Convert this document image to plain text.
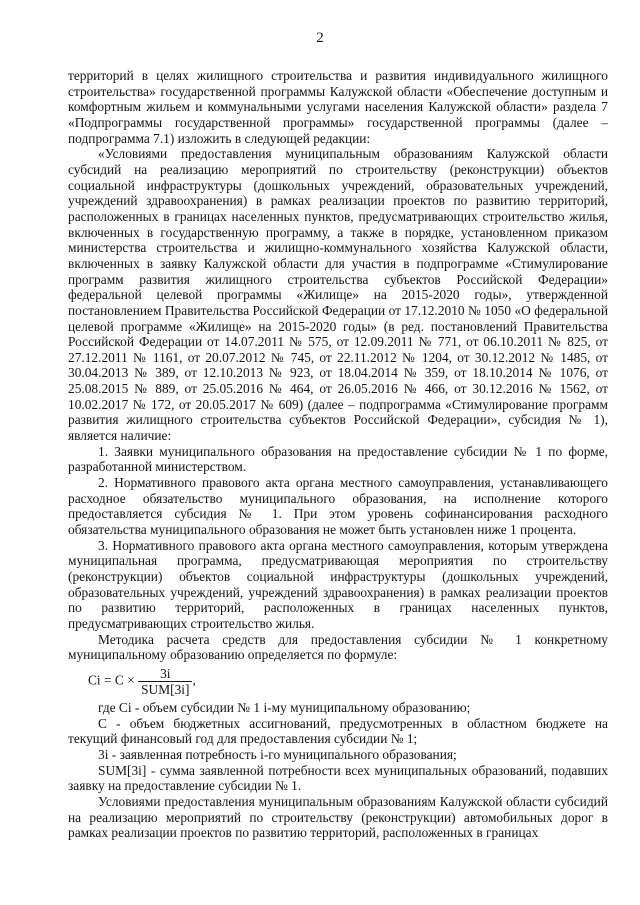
2

территорий в целях жилищного строительства и развития индивидуального жилищного строительства» государственной программы Калужской области «Обеспечение доступным и комфортным жильем и коммунальными услугами населения Калужской области» раздела 7 «Подпрограммы государственной программы» государственной программы (далее – подпрограмма 7.1) изложить в следующей редакции:

«Условиями предоставления муниципальным образованиям Калужской области субсидий на реализацию мероприятий по строительству (реконструкции) объектов социальной инфраструктуры (дошкольных учреждений, образовательных учреждений, учреждений здравоохранения) в рамках реализации проектов по развитию территорий, расположенных в границах населенных пунктов, предусматривающих строительство жилья, включенных в государственную программу, а также в порядке, установленном приказом министерства строительства и жилищно-коммунального хозяйства Калужской области, включенных в заявку Калужской области для участия в подпрограмме «Стимулирование программ развития жилищного строительства субъектов Российской Федерации» федеральной целевой программы «Жилище» на 2015-2020 годы», утвержденной постановлением Правительства Российской Федерации от 17.12.2010 № 1050 «О федеральной целевой программе «Жилище» на 2015-2020 годы» (в ред. постановлений Правительства Российской Федерации от 14.07.2011 № 575, от 12.09.2011 № 771, от 06.10.2011 № 825, от 27.12.2011 № 1161, от 20.07.2012 № 745, от 22.11.2012 № 1204, от 30.12.2012 № 1485, от 30.04.2013 № 389, от 12.10.2013 № 923, от 18.04.2014 № 359, от 18.10.2014 № 1076, от 25.08.2015 № 889, от 25.05.2016 № 464, от 26.05.2016 № 466, от 30.12.2016 № 1562, от 10.02.2017 № 172, от 20.05.2017 № 609) (далее – подпрограмма «Стимулирование программ развития жилищного строительства субъектов Российской Федерации», субсидия № 1), является наличие:

1. Заявки муниципального образования на предоставление субсидии № 1 по форме, разработанной министерством.

2. Нормативного правового акта органа местного самоуправления, устанавливающего расходное обязательство муниципального образования, на исполнение которого предоставляется субсидия № 1. При этом уровень софинансирования расходного обязательства муниципального образования не может быть установлен ниже 1 процента.

3. Нормативного правового акта органа местного самоуправления, которым утверждена муниципальная программа, предусматривающая мероприятия по строительству (реконструкции) объектов социальной инфраструктуры (дошкольных учреждений, образовательных учреждений, учреждений здравоохранения) в рамках реализации проектов по развитию территорий, расположенных в границах населенных пунктов, предусматривающих строительство жилья.

Методика расчета средств для предоставления субсидии № 1 конкретному муниципальному образованию определяется по формуле:

$Ci = C \times \frac{3i}{\text{SUM[3i]}}$ ,

где Ci - объем субсидии № 1 i-му муниципальному образованию;

С - объем бюджетных ассигнований, предусмотренных в областном бюджете на текущий финансовый год для предоставления субсидии № 1;

3i - заявленная потребность i-го муниципального образования;

SUM[3i] - сумма заявленной потребности всех муниципальных образований, подавших заявку на предоставление субсидии № 1.

Условиями предоставления муниципальным образованиям Калужской области субсидий на реализацию мероприятий по строительству (реконструкции) автомобильных дорог в рамках реализации проектов по развитию территорий, расположенных в границах
